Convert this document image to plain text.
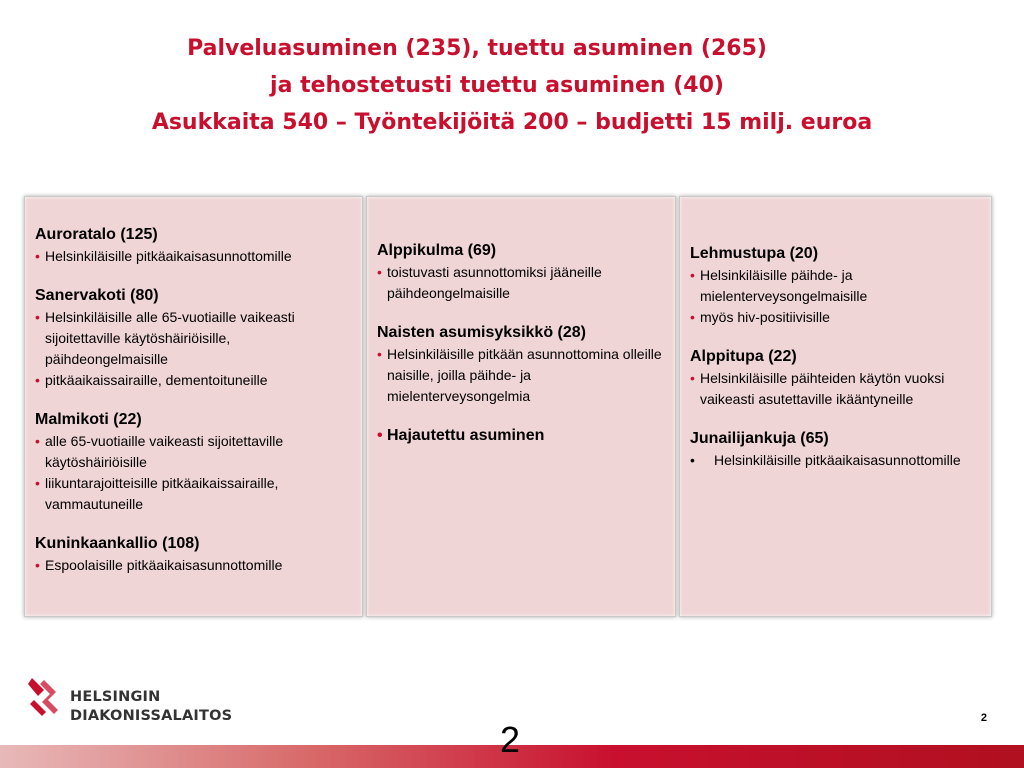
Palveluasuminen (235), tuettu asuminen (265)
ja tehostetusti tuettu asuminen (40)
Asukkaita 540 – Työntekijöitä 200 – budjetti 15 milj. euroa
Auroratalo (125)
• Helsinkiläisille pitkäaikaisasunnottomille
Sanervakoti (80)
• Helsinkiläisille alle 65-vuotiaille vaikeasti sijoitettaville käytöshäiriöisille, päihdeongelmaisille
• pitkäaikaissairaille, dementoituneille
Malmikoti (22)
• alle 65-vuotiaille vaikeasti sijoitettaville käytöshäiriöisille
• liikuntarajoitteisille pitkäaikaissairaille, vammautuneille
Kuninkaankallio (108)
• Espoolaisille pitkäaikaisasunnottomille
Alppikulma (69)
• toistuvasti asunnottomiksi jääneille päihdeongelmaisille
Naisten asumisyksikkö (28)
• Helsinkiläisille pitkään asunnottomina olleille naisille, joilla päihde- ja mielenterveysongelmia
• Hajautettu asuminen
Lehmustupa (20)
• Helsinkiläisille päihde- ja mielenterveysongelmaisille
• myös hiv-positiivisille
Alppitupa (22)
• Helsinkiläisille päihteiden käytön vuoksi vaikeasti asutettaville ikääntyneille
Junailijankuja (65)
• Helsinkiläisille pitkäaikaisasunnottomille
HELSINGIN
DIAKONISSALAITOS	2
2
